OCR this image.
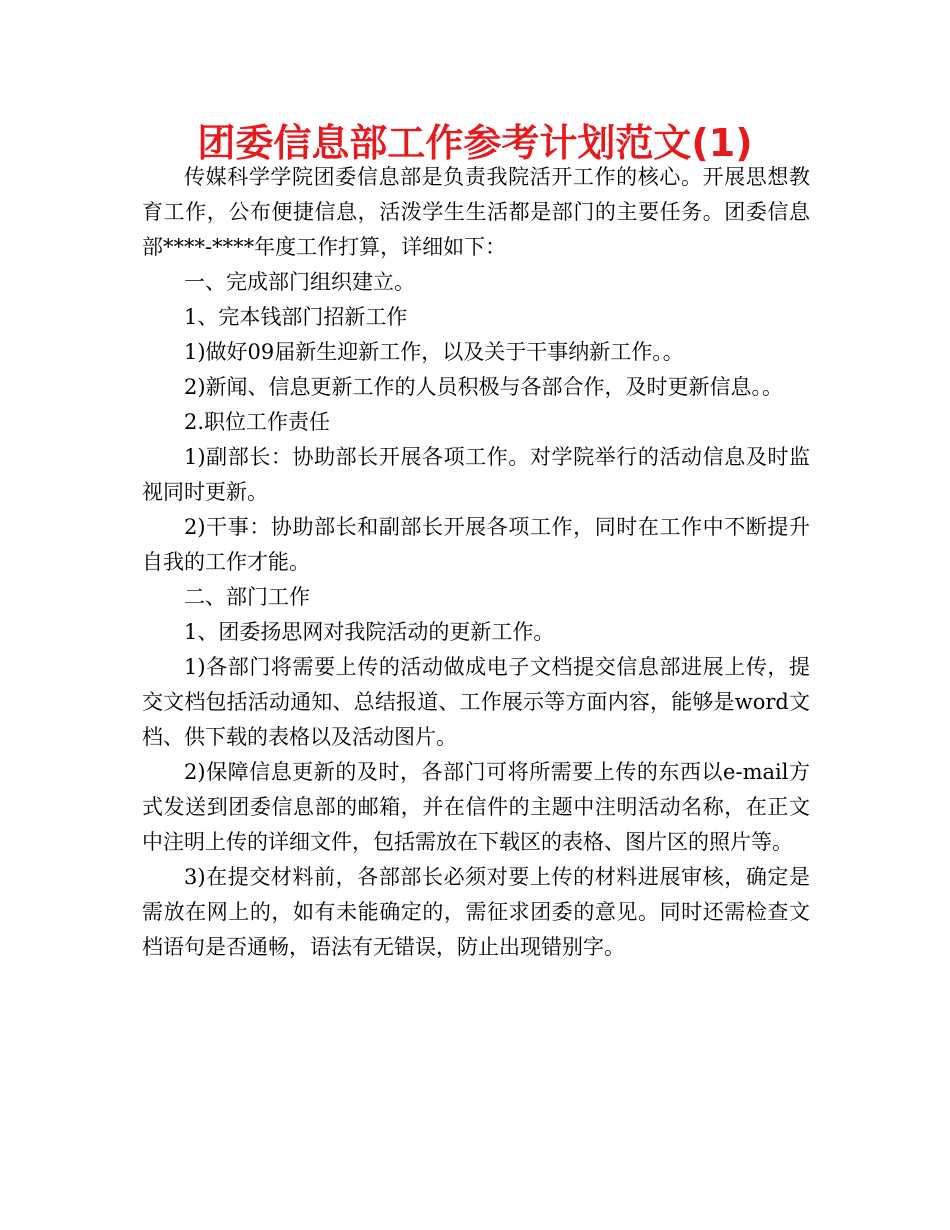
团委信息部工作参考计划范文(1)

传媒科学学院团委信息部是负责我院活开工作的核心。开展思想教育工作，公布便捷信息，活泼学生生活都是部门的主要任务。团委信息部****-****年度工作打算，详细如下：

一、完成部门组织建立。

1、完本钱部门招新工作

1)做好09届新生迎新工作，以及关于干事纳新工作。。

2)新闻、信息更新工作的人员积极与各部合作，及时更新信息。。

2.职位工作责任

1)副部长：协助部长开展各项工作。对学院举行的活动信息及时监视同时更新。

2)干事：协助部长和副部长开展各项工作，同时在工作中不断提升自我的工作才能。

二、部门工作

1、团委扬思网对我院活动的更新工作。

1)各部门将需要上传的活动做成电子文档提交信息部进展上传，提交文档包括活动通知、总结报道、工作展示等方面内容，能够是word文档、供下载的表格以及活动图片。

2)保障信息更新的及时，各部门可将所需要上传的东西以e-mail方式发送到团委信息部的邮箱，并在信件的主题中注明活动名称，在正文中注明上传的详细文件，包括需放在下载区的表格、图片区的照片等。

3)在提交材料前，各部部长必须对要上传的材料进展审核，确定是需放在网上的，如有未能确定的，需征求团委的意见。同时还需检查文档语句是否通畅，语法有无错误，防止出现错别字。
